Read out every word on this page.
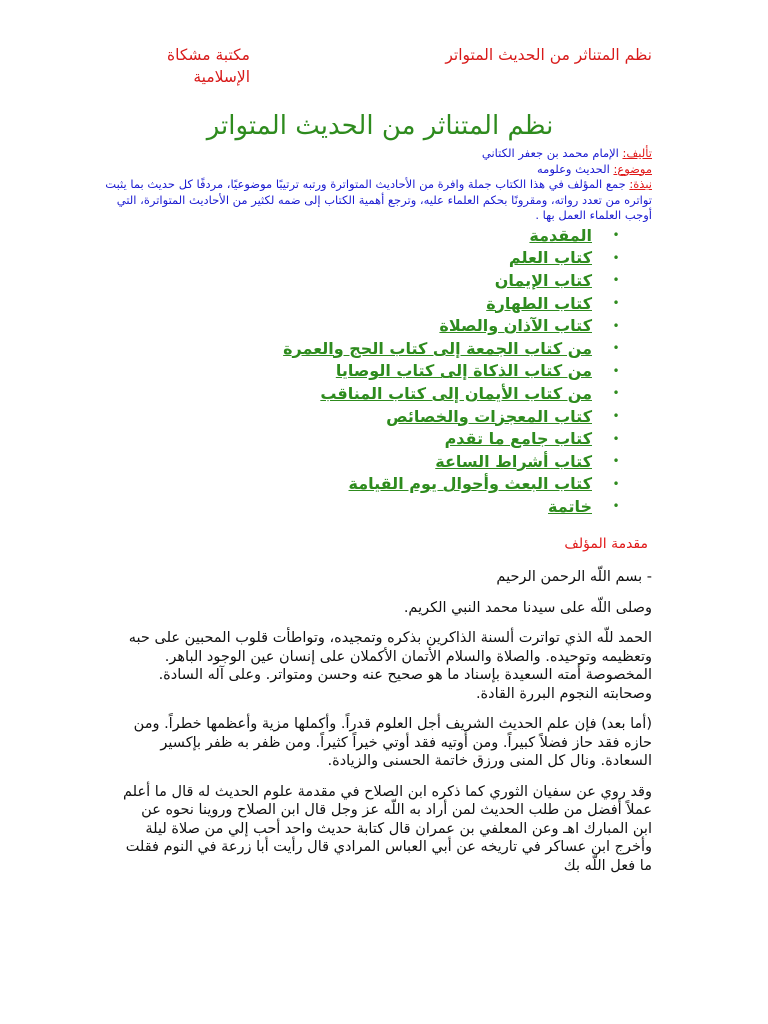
مكتبة مشكاة الإسلامية
نظم المتناثر من الحديث المتواتر
نظم المتناثر من الحديث المتواتر

تأليف: الإمام محمد بن جعفر الكتاني

موضوع: الحديث وعلومه

نبذة: جمع المؤلف في هذا الكتاب جملة وافرة من الأحاديث المتواترة ورتبه ترتيبًا موضوعيًا، مردفًا كل حديث بما يثبت تواتره من تعدد رواته، ومقرونًا بحكم العلماء عليه، وترجع أهمية الكتاب إلى ضمه لكثير من الأحاديث المتواترة، التي أوجب العلماء العمل بها .

•
المقدمة
•
كتاب العلم
•
كتاب الإيمان
•
كتاب الطهارة
•
كتاب الآذان والصلاة
•
من كتاب الجمعة إلى كتاب الحج والعمرة
•
من كتاب الذكاة إلى كتاب الوصايا
•
من كتاب الأيمان إلى كتاب المناقب
•
كتاب المعجزات والخصائص
•
كتاب جامع ما تقدم
•
كتاب أشراط الساعة
•
كتاب البعث وأحوال يوم القيامة
•
خاتمة
مقدمة المؤلف

- بسم اللّه الرحمن الرحيم

وصلى اللّه على سيدنا محمد النبي الكريم.

الحمد للّه الذي تواترت ألسنة الذاكرين بذكره وتمجيده، وتواطأت قلوب المحبين على حبه وتعظيمه وتوحيده. والصلاة والسلام الأتمان الأكملان على إنسان عين الوجود الباهر. المخصوصة أمته السعيدة بإسناد ما هو صحيح عنه وحسن ومتواتر. وعلى آله السادة. وصحابته النجوم البررة القادة.

(أما بعد) فإن علم الحديث الشريف أجل العلوم قدراً. وأكملها مزية وأعظمها خطراً. ومن حازه فقد حاز فضلاً كبيراً. ومن أوتيه فقد أوتي خيراً كثيراً. ومن ظفر به ظفر بإكسير السعادة. ونال كل المنى ورزق خاتمة الحسنى والزيادة.

وقد روي عن سفيان الثوري كما ذكره ابن الصلاح في مقدمة علوم الحديث له قال ما أعلم عملاً أفضل من طلب الحديث لمن أراد به اللّه عز وجل قال ابن الصلاح وروينا نحوه عن ابن المبارك اهـ وعن المعلفي بن عمران قال كتابة حديث واحد أحب إلي من صلاة ليلة وأخرج ابن عساكر في تاريخه عن أبي العباس المرادي قال رأيت أبا زرعة في النوم فقلت ما فعل اللّه بك
